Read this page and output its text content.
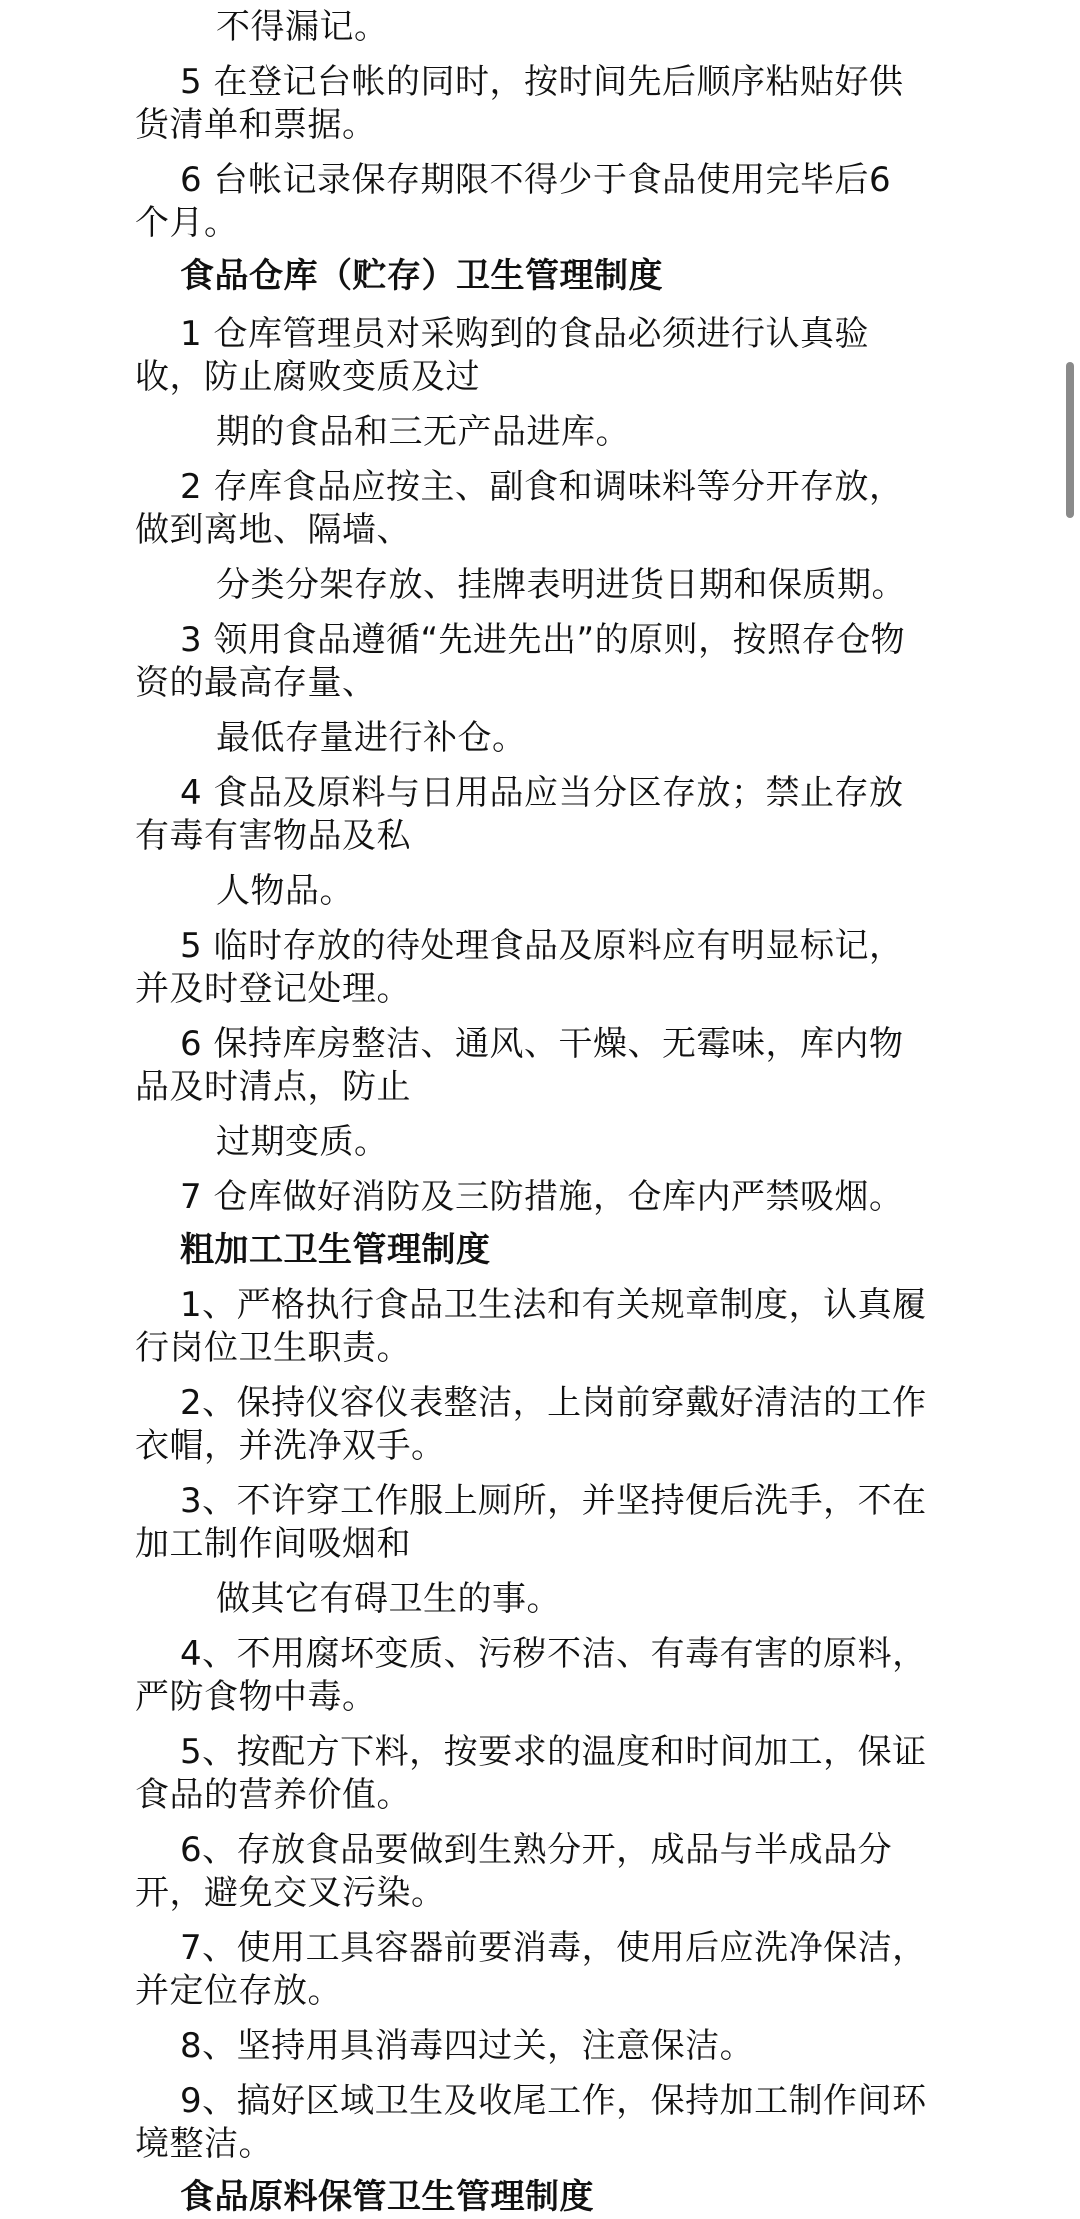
不得漏记。
5 在登记台帐的同时，按时间先后顺序粘贴好供
货清单和票据。
6 台帐记录保存期限不得少于食品使用完毕后6
个月。
食品仓库（贮存）卫生管理制度
1 仓库管理员对采购到的食品必须进行认真验
收，防止腐败变质及过
期的食品和三无产品进库。
2 存库食品应按主、副食和调味料等分开存放，
做到离地、隔墙、
分类分架存放、挂牌表明进货日期和保质期。
3 领用食品遵循“先进先出”的原则，按照存仓物
资的最高存量、
最低存量进行补仓。
4 食品及原料与日用品应当分区存放；禁止存放
有毒有害物品及私
人物品。
5 临时存放的待处理食品及原料应有明显标记，
并及时登记处理。
6 保持库房整洁、通风、干燥、无霉味，库内物
品及时清点，防止
过期变质。
7 仓库做好消防及三防措施，仓库内严禁吸烟。
粗加工卫生管理制度
1、严格执行食品卫生法和有关规章制度，认真履
行岗位卫生职责。
2、保持仪容仪表整洁，上岗前穿戴好清洁的工作
衣帽，并洗净双手。
3、不许穿工作服上厕所，并坚持便后洗手，不在
加工制作间吸烟和
做其它有碍卫生的事。
4、不用腐坏变质、污秽不洁、有毒有害的原料，
严防食物中毒。
5、按配方下料，按要求的温度和时间加工，保证
食品的营养价值。
6、存放食品要做到生熟分开，成品与半成品分
开，避免交叉污染。
7、使用工具容器前要消毒，使用后应洗净保洁，
并定位存放。
8、坚持用具消毒四过关，注意保洁。
9、搞好区域卫生及收尾工作，保持加工制作间环
境整洁。
食品原料保管卫生管理制度
